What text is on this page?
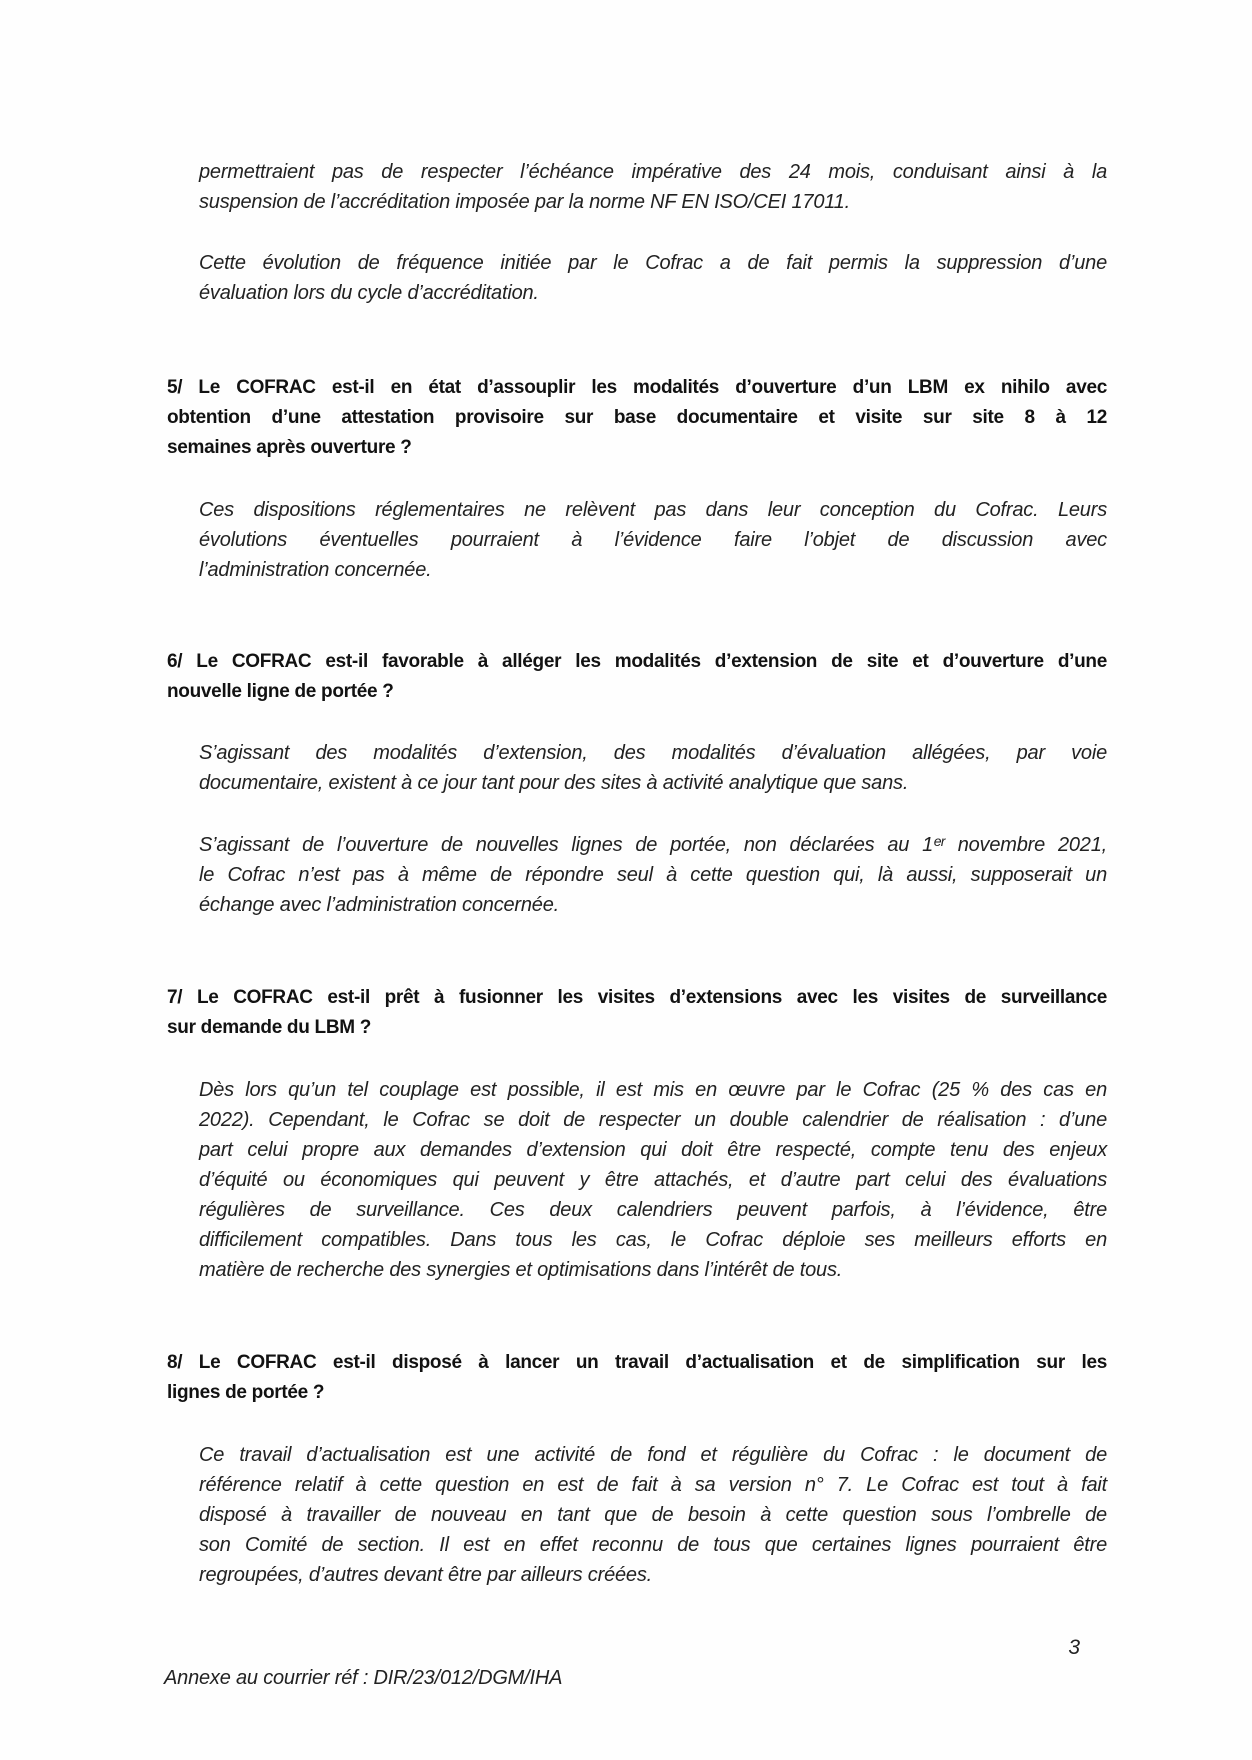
permettraient pas de respecter l’échéance impérative des 24 mois, conduisant ainsi à la
suspension de l’accréditation imposée par la norme NF EN ISO/CEI 17011.
Cette évolution de fréquence initiée par le Cofrac a de fait permis la suppression d’une
évaluation lors du cycle d’accréditation.
5/ Le COFRAC est-il en état d’assouplir les modalités d’ouverture d’un LBM ex nihilo avec
obtention d’une attestation provisoire sur base documentaire et visite sur site 8 à 12
semaines après ouverture ?
Ces dispositions réglementaires ne relèvent pas dans leur conception du Cofrac. Leurs
évolutions éventuelles pourraient à l’évidence faire l’objet de discussion avec
l’administration concernée.
6/ Le COFRAC est-il favorable à alléger les modalités d’extension de site et d’ouverture d’une
nouvelle ligne de portée ?
S’agissant des modalités d’extension, des modalités d’évaluation allégées, par voie
documentaire, existent à ce jour tant pour des sites à activité analytique que sans.
S’agissant de l’ouverture de nouvelles lignes de portée, non déclarées au 1ᵉʳ novembre 2021,
le Cofrac n’est pas à même de répondre seul à cette question qui, là aussi, supposerait un
échange avec l’administration concernée.
7/ Le COFRAC est-il prêt à fusionner les visites d’extensions avec les visites de surveillance
sur demande du LBM ?
Dès lors qu’un tel couplage est possible, il est mis en œuvre par le Cofrac (25 % des cas en
2022). Cependant, le Cofrac se doit de respecter un double calendrier de réalisation : d’une
part celui propre aux demandes d’extension qui doit être respecté, compte tenu des enjeux
d’équité ou économiques qui peuvent y être attachés, et d’autre part celui des évaluations
régulières de surveillance. Ces deux calendriers peuvent parfois, à l’évidence, être
difficilement compatibles. Dans tous les cas, le Cofrac déploie ses meilleurs efforts en
matière de recherche des synergies et optimisations dans l’intérêt de tous.
8/ Le COFRAC est-il disposé à lancer un travail d’actualisation et de simplification sur les
lignes de portée ?
Ce travail d’actualisation est une activité de fond et régulière du Cofrac : le document de
référence relatif à cette question en est de fait à sa version n° 7. Le Cofrac est tout à fait
disposé à travailler de nouveau en tant que de besoin à cette question sous l’ombrelle de
son Comité de section. Il est en effet reconnu de tous que certaines lignes pourraient être
regroupées, d’autres devant être par ailleurs créées.
3
Annexe au courrier réf : DIR/23/012/DGM/IHA
